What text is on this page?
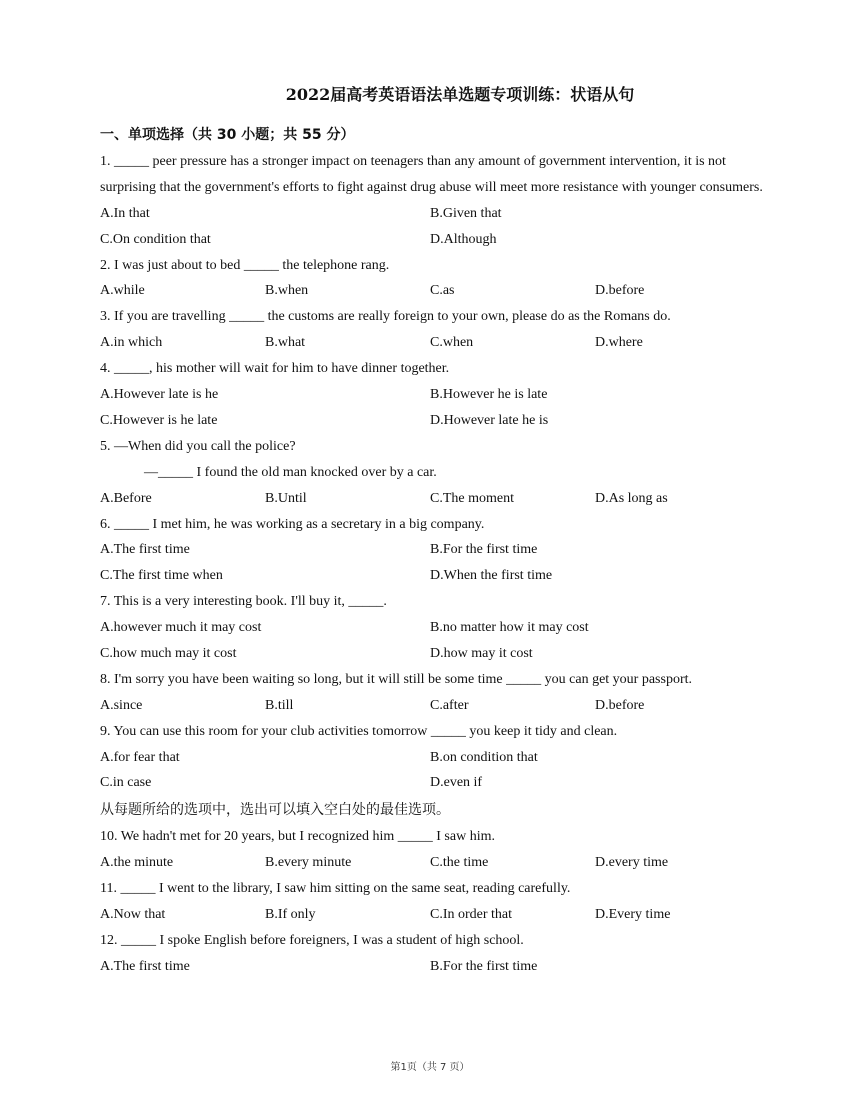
2022届高考英语语法单选题专项训练：状语从句
一、单项选择（共 30 小题；共 55 分）
1. _____ peer pressure has a stronger impact on teenagers than any amount of government intervention, it is not surprising that the government's efforts to fight against drug abuse will meet more resistance with younger consumers.
A.In that	B.Given that
C.On condition that	D.Although
2. I was just about to bed _____ the telephone rang.
A.while	B.when	C.as	D.before
3. If you are travelling _____ the customs are really foreign to your own, please do as the Romans do.
A.in which	B.what	C.when	D.where
4. _____, his mother will wait for him to have dinner together.
A.However late is he	B.However he is late
C.However is he late	D.However late he is
5. —When did you call the police?
—_____ I found the old man knocked over by a car.
A.Before	B.Until	C.The moment	D.As long as
6. _____ I met him, he was working as a secretary in a big company.
A.The first time	B.For the first time
C.The first time when	D.When the first time
7. This is a very interesting book. I'll buy it, _____.
A.however much it may cost	B.no matter how it may cost
C.how much may it cost	D.how may it cost
8. I'm sorry you have been waiting so long, but it will still be some time _____ you can get your passport.
A.since	B.till	C.after	D.before
9. You can use this room for your club activities tomorrow _____ you keep it tidy and clean.
A.for fear that	B.on condition that
C.in case	D.even if
从每题所给的选项中，选出可以填入空白处的最佳选项。
10. We hadn't met for 20 years, but I recognized him _____ I saw him.
A.the minute	B.every minute	C.the time	D.every time
11. _____ I went to the library, I saw him sitting on the same seat, reading carefully.
A.Now that	B.If only	C.In order that	D.Every time
12. _____ I spoke English before foreigners, I was a student of high school.
A.The first time	B.For the first time
第1页（共 7 页）
